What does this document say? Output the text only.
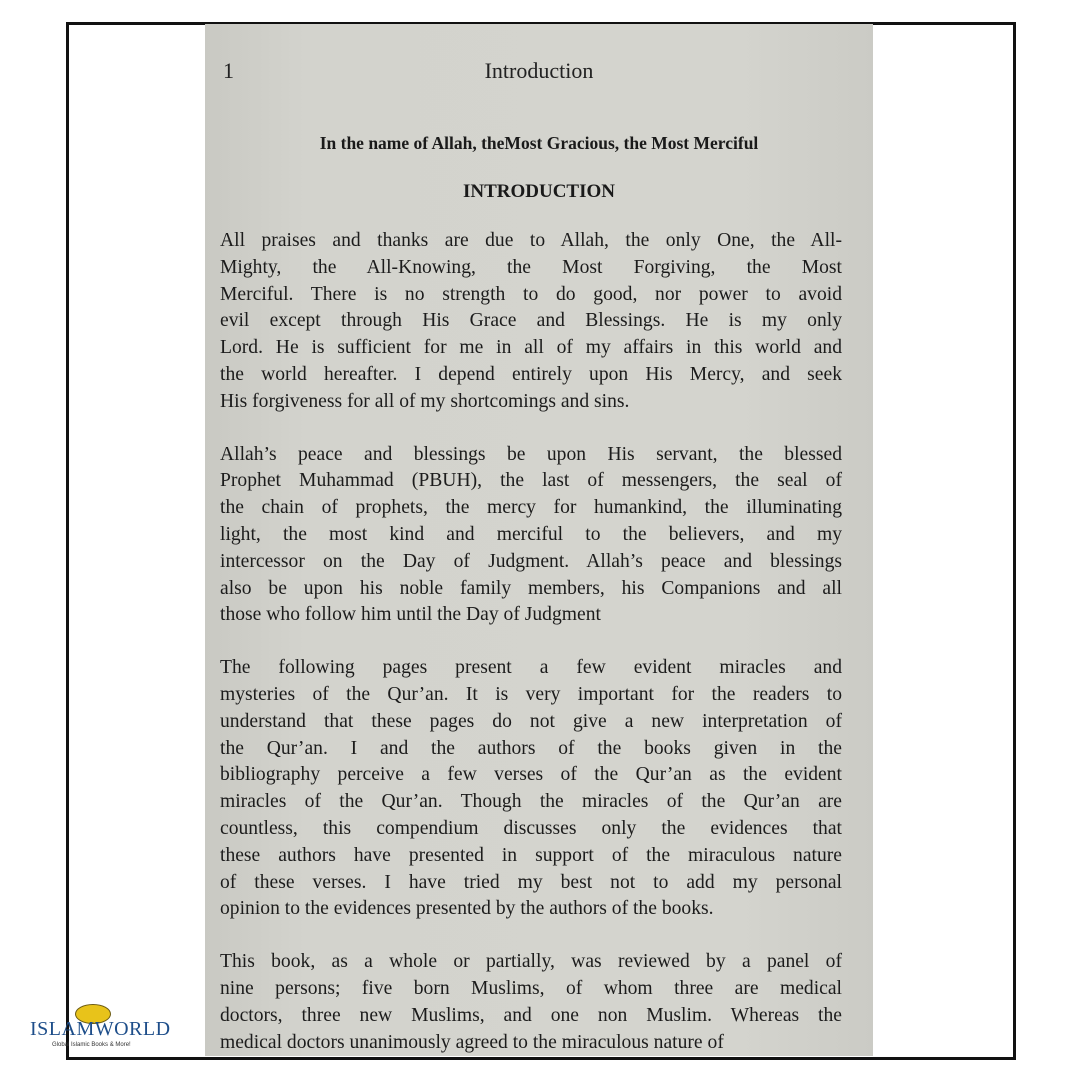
1	Introduction
In the name of Allah, theMost Gracious, the Most Merciful
INTRODUCTION
All praises and thanks are due to Allah, the only One, the All-
Mighty, the All-Knowing, the Most Forgiving, the Most
Merciful. There is no strength to do good, nor power to avoid
evil except through His Grace and Blessings. He is my only
Lord. He is sufficient for me in all of my affairs in this world and
the world hereafter. I depend entirely upon His Mercy, and seek
His forgiveness for all of my shortcomings and sins.
Allah’s peace and blessings be upon His servant, the blessed
Prophet Muhammad (PBUH), the last of messengers, the seal of
the chain of prophets, the mercy for humankind, the illuminating
light, the most kind and merciful to the believers, and my
intercessor on the Day of Judgment. Allah’s peace and blessings
also be upon his noble family members, his Companions and all
those who follow him until the Day of Judgment
The following pages present a few evident miracles and
mysteries of the Qur’an. It is very important for the readers to
understand that these pages do not give a new interpretation of
the Qur’an. I and the authors of the books given in the
bibliography perceive a few verses of the Qur’an as the evident
miracles of the Qur’an. Though the miracles of the Qur’an are
countless, this compendium discusses only the evidences that
these authors have presented in support of the miraculous nature
of these verses. I have tried my best not to add my personal
opinion to the evidences presented by the authors of the books.
This book, as a whole or partially, was reviewed by a panel of
nine persons; five born Muslims, of whom three are medical
doctors, three new Muslims, and one non Muslim. Whereas the
medical doctors unanimously agreed to the miraculous nature of
ISLAMWORLD
Global Islamic Books & More!
